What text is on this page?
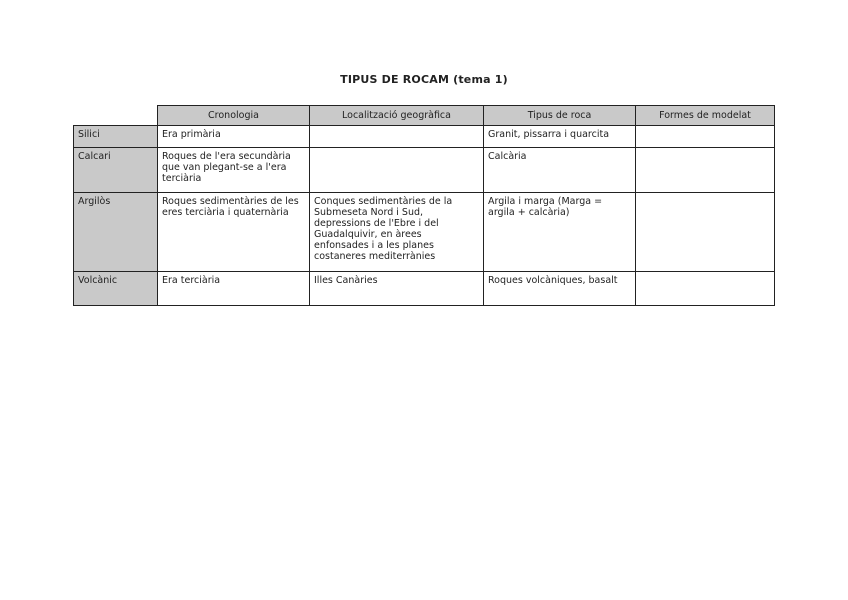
TIPUS DE ROCAM (tema 1)
	Cronologia	Localització geogràfica	Tipus de roca	Formes de modelat
Silici	Era primària		Granit, pissarra i quarcita	
Calcari	Roques de l'era secundària que van plegant-se a l'era terciària		Calcària	
Argilòs	Roques sedimentàries de les eres terciària i quaternària	Conques sedimentàries de la Submeseta Nord i Sud, depressions de l'Ebre i del Guadalquivir, en àrees enfonsades i a les planes costaneres mediterrànies	Argila i marga (Marga = argila + calcària)	
Volcànic	Era terciària	Illes Canàries	Roques volcàniques, basalt	
